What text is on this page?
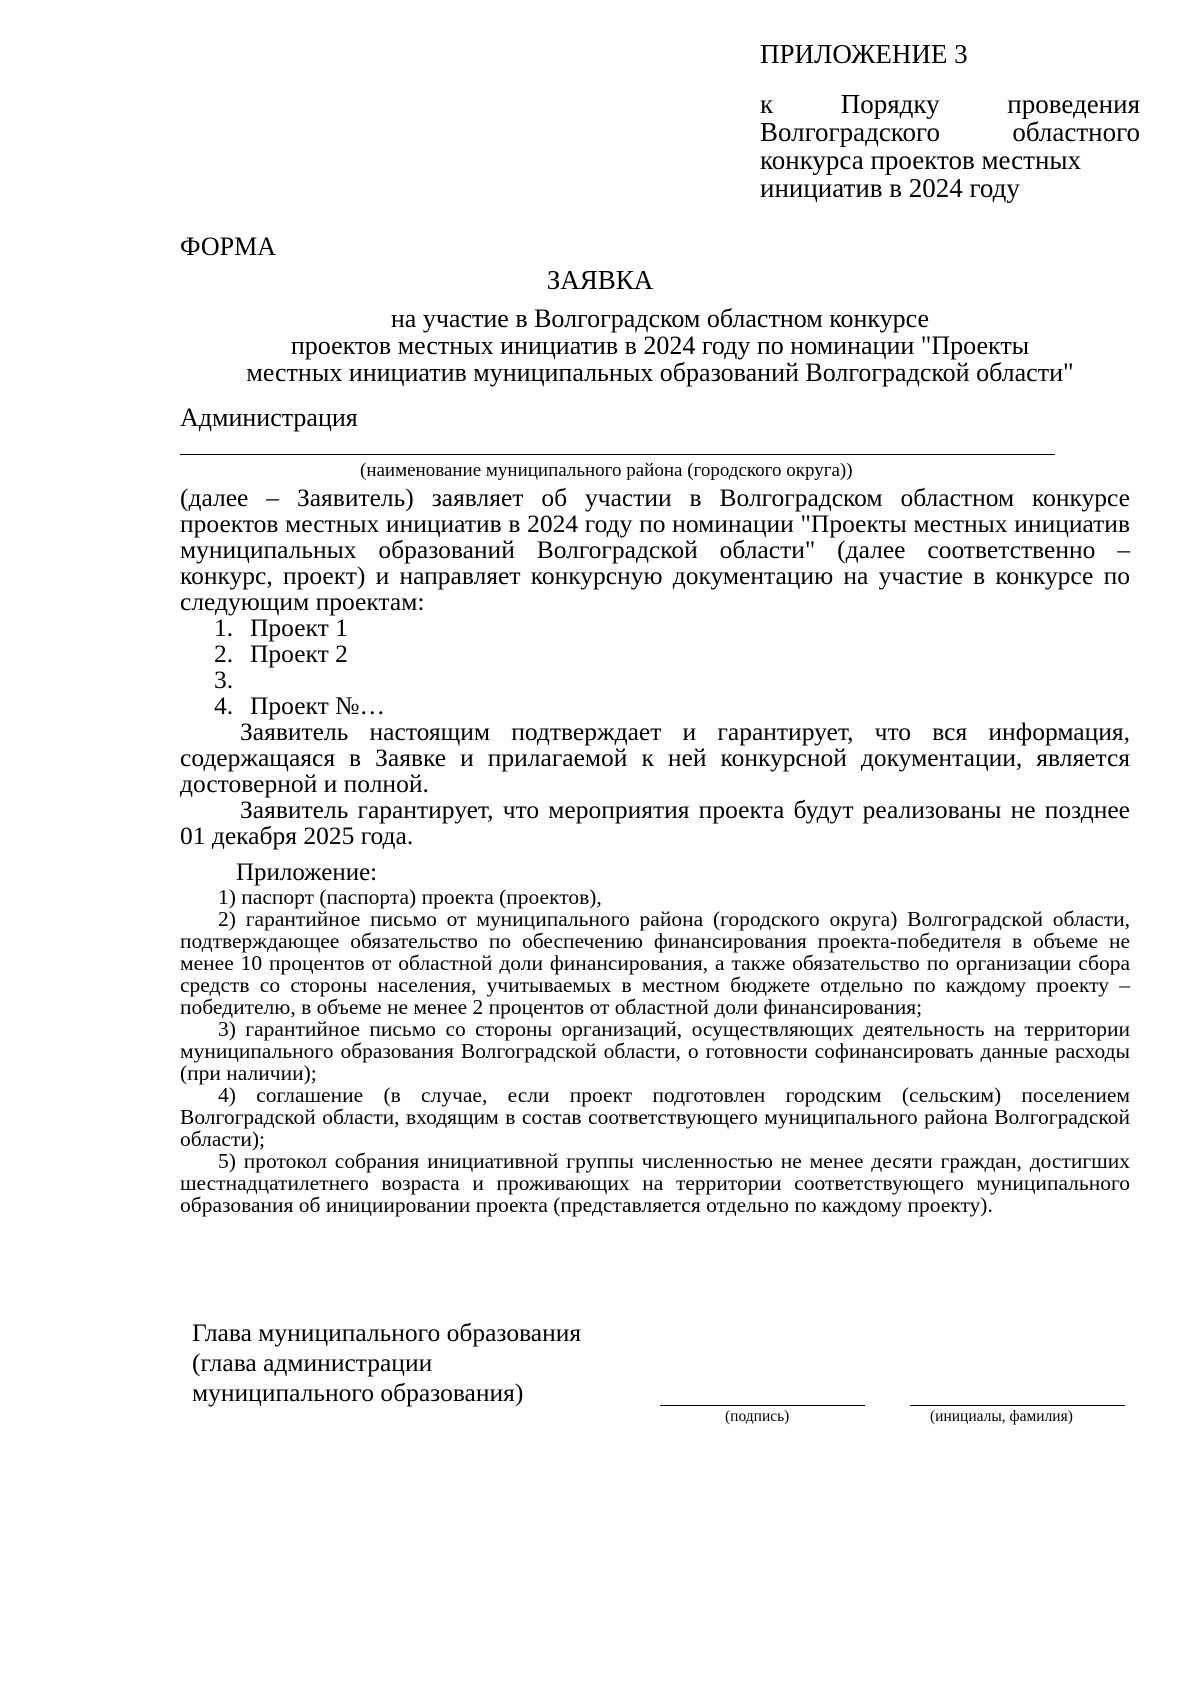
ПРИЛОЖЕНИЕ 3
к Порядку проведения
Волгоградского областного
конкурса проектов местных
инициатив в 2024 году
ФОРМА
ЗАЯВКА
на участие в Волгоградском областном конкурсе
проектов местных инициатив в 2024 году по номинации "Проекты
местных инициатив муниципальных образований Волгоградской области"
Администрация
(наименование муниципального района (городского округа))

(далее – Заявитель) заявляет об участии в Волгоградском областном конкурсе проектов местных инициатив в 2024 году по номинации "Проекты местных инициатив муниципальных образований Волгоградской области" (далее соответственно – конкурс, проект) и направляет конкурсную документацию на участие в конкурсе по следующим проектам:

1. Проект 1
2. Проект 2
3.
4. Проект №…

Заявитель настоящим подтверждает и гарантирует, что вся информация, содержащаяся в Заявке и прилагаемой к ней конкурсной документации, является достоверной и полной.

Заявитель гарантирует, что мероприятия проекта будут реализованы не позднее 01 декабря 2025 года.

Приложение:

1) паспорт (паспорта) проекта (проектов),

2) гарантийное письмо от муниципального района (городского округа) Волгоградской области, подтверждающее обязательство по обеспечению финансирования проекта-победителя в объеме не менее 10 процентов от областной доли финансирования, а также обязательство по организации сбора средств со стороны населения, учитываемых в местном бюджете отдельно по каждому проекту – победителю, в объеме не менее 2 процентов от областной доли финансирования;

3) гарантийное письмо со стороны организаций, осуществляющих деятельность на территории муниципального образования Волгоградской области, о готовности софинансировать данные расходы (при наличии);

4) соглашение (в случае, если проект подготовлен городским (сельским) поселением Волгоградской области, входящим в состав соответствующего муниципального района Волгоградской области);

5) протокол собрания инициативной группы численностью не менее десяти граждан, достигших шестнадцатилетнего возраста и проживающих на территории соответствующего муниципального образования об инициировании проекта (представляется отдельно по каждому проекту).

Глава муниципального образования
(глава администрации
муниципального образования)
(подпись)	(инициалы, фамилия)
